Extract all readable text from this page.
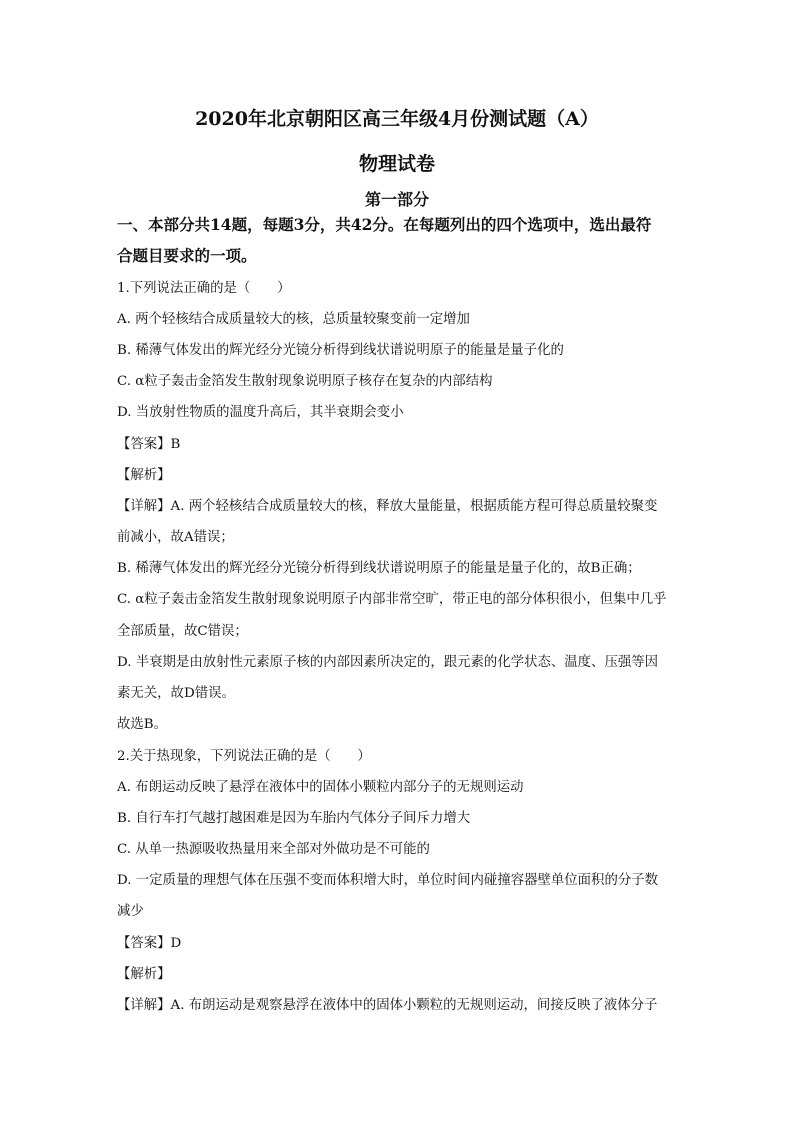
2020年北京朝阳区高三年级4月份测试题（A）
物理试卷
第一部分
一、本部分共14题，每题3分，共42分。在每题列出的四个选项中，选出最符
合题目要求的一项。
1.下列说法正确的是（　　）
A. 两个轻核结合成质量较大的核，总质量较聚变前一定增加
B. 稀薄气体发出的辉光经分光镜分析得到线状谱说明原子的能量是量子化的
C. α粒子轰击金箔发生散射现象说明原子核存在复杂的内部结构
D. 当放射性物质的温度升高后，其半衰期会变小
【答案】B
【解析】
【详解】A. 两个轻核结合成质量较大的核，释放大量能量，根据质能方程可得总质量较聚变
前减小，故A错误；
B. 稀薄气体发出的辉光经分光镜分析得到线状谱说明原子的能量是量子化的，故B正确；
C. α粒子轰击金箔发生散射现象说明原子内部非常空旷，带正电的部分体积很小，但集中几乎
全部质量，故C错误；
D. 半衰期是由放射性元素原子核的内部因素所决定的，跟元素的化学状态、温度、压强等因
素无关，故D错误。
故选B。
2.关于热现象，下列说法正确的是（　　）
A. 布朗运动反映了悬浮在液体中的固体小颗粒内部分子的无规则运动
B. 自行车打气越打越困难是因为车胎内气体分子间斥力增大
C. 从单一热源吸收热量用来全部对外做功是不可能的
D. 一定质量的理想气体在压强不变而体积增大时，单位时间内碰撞容器壁单位面积的分子数
减少
【答案】D
【解析】
【详解】A. 布朗运动是观察悬浮在液体中的固体小颗粒的无规则运动，间接反映了液体分子
